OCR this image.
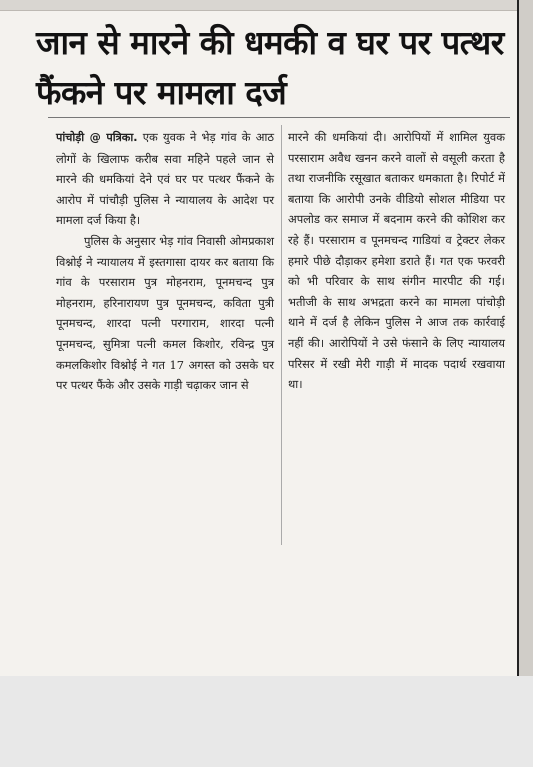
जान से मारने की धमकी व घर पर पत्थर फैंकने पर मामला दर्ज

पांचोड़ी @ पत्रिका. एक युवक ने भेड़ गांव के आठ लोगों के खिलाफ करीब सवा महिने पहले जान से मारने की धमकियां देने एवं घर पर पत्थर फैंकने के आरोप में पांचौड़ी पुलिस ने न्यायालय के आदेश पर मामला दर्ज किया है।

पुलिस के अनुसार भेड़ गांव निवासी ओमप्रकाश विश्नोई ने न्यायालय में इस्तगासा दायर कर बताया कि गांव के परसाराम पुत्र मोहनराम, पूनमचन्द पुत्र मोहनराम, हरिनारायण पुत्र पूनमचन्द, कविता पुत्री पूनमचन्द, शारदा पत्नी परगाराम, शारदा पत्नी पूनमचन्द, सुमित्रा पत्नी कमल किशोर, रविन्द्र पुत्र कमलकिशोर विश्नोई ने गत 17 अगस्त को उसके घर पर पत्थर फैंके और उसके गाड़ी चढ़ाकर जान से

मारने की धमकियां दी। आरोपियों में शामिल युवक परसाराम अवैध खनन करने वालों से वसूली करता है तथा राजनीकि रसूखात बताकर धमकाता है। रिपोर्ट में बताया कि आरोपी उनके वीडियो सोशल मीडिया पर अपलोड कर समाज में बदनाम करने की कोशिश कर रहे हैं। परसाराम व पूनमचन्द गाडियां व ट्रेक्टर लेकर हमारे पीछे दौड़ाकर हमेशा डराते हैं। गत एक फरवरी को भी परिवार के साथ संगीन मारपीट की गई। भतीजी के साथ अभद्रता करने का मामला पांचोड़ी थाने में दर्ज है लेकिन पुलिस ने आज तक कार्रवाई नहीं की। आरोपियों ने उसे फंसाने के लिए न्यायालय परिसर में रखी मेरी गाड़ी में मादक पदार्थ रखवाया था।
